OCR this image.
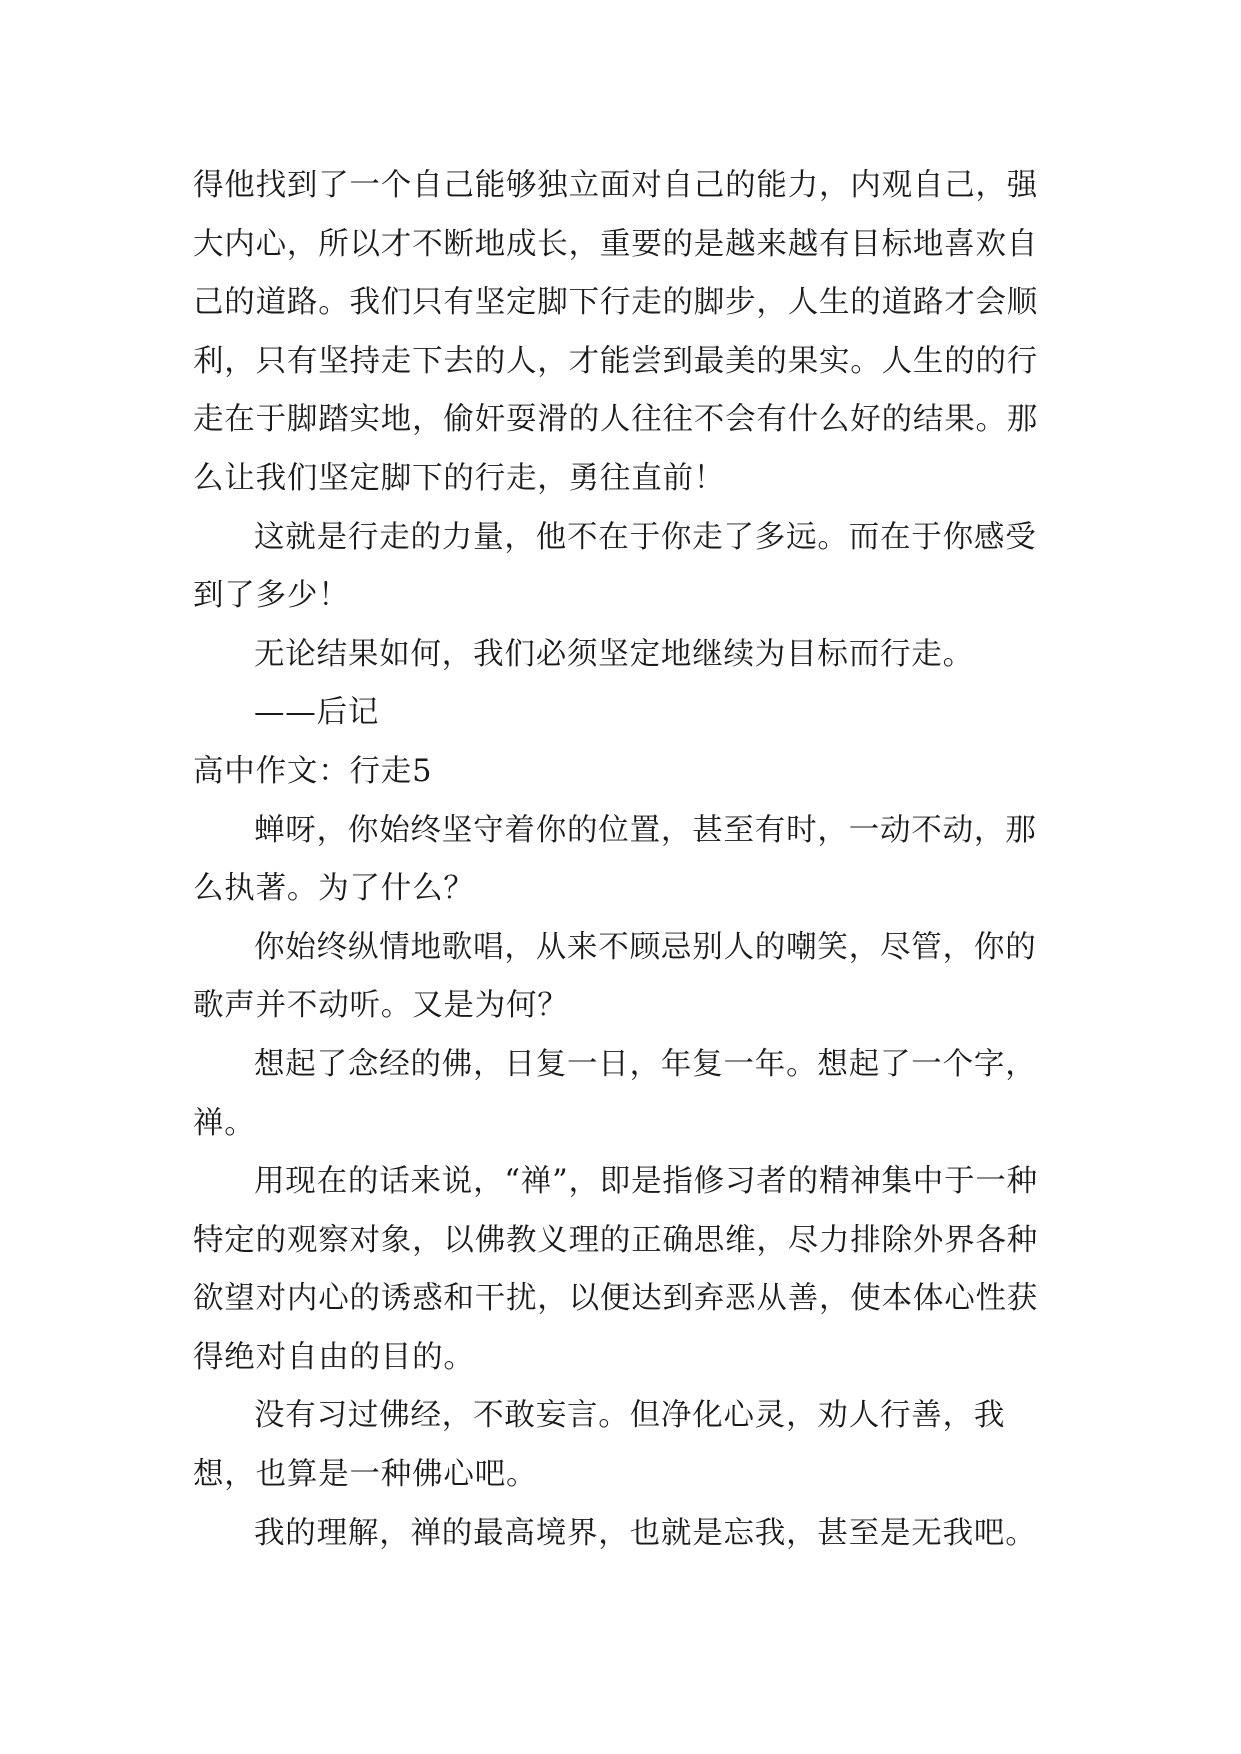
得他找到了一个自己能够独立面对自己的能力，内观自己，强大内心，所以才不断地成长，重要的是越来越有目标地喜欢自己的道路。我们只有坚定脚下行走的脚步，人生的道路才会顺利，只有坚持走下去的人，才能尝到最美的果实。人生的的行走在于脚踏实地，偷奸耍滑的人往往不会有什么好的结果。那么让我们坚定脚下的行走，勇往直前！

这就是行走的力量，他不在于你走了多远。而在于你感受到了多少！

无论结果如何，我们必须坚定地继续为目标而行走。

——后记

高中作文：行走5

蝉呀，你始终坚守着你的位置，甚至有时，一动不动，那么执著。为了什么？

你始终纵情地歌唱，从来不顾忌别人的嘲笑，尽管，你的歌声并不动听。又是为何？

想起了念经的佛，日复一日，年复一年。想起了一个字，禅。

用现在的话来说，“禅”，即是指修习者的精神集中于一种特定的观察对象，以佛教义理的正确思维，尽力排除外界各种欲望对内心的诱惑和干扰，以便达到弃恶从善，使本体心性获得绝对自由的目的。

没有习过佛经，不敢妄言。但净化心灵，劝人行善，我想，也算是一种佛心吧。

我的理解，禅的最高境界，也就是忘我，甚至是无我吧。
